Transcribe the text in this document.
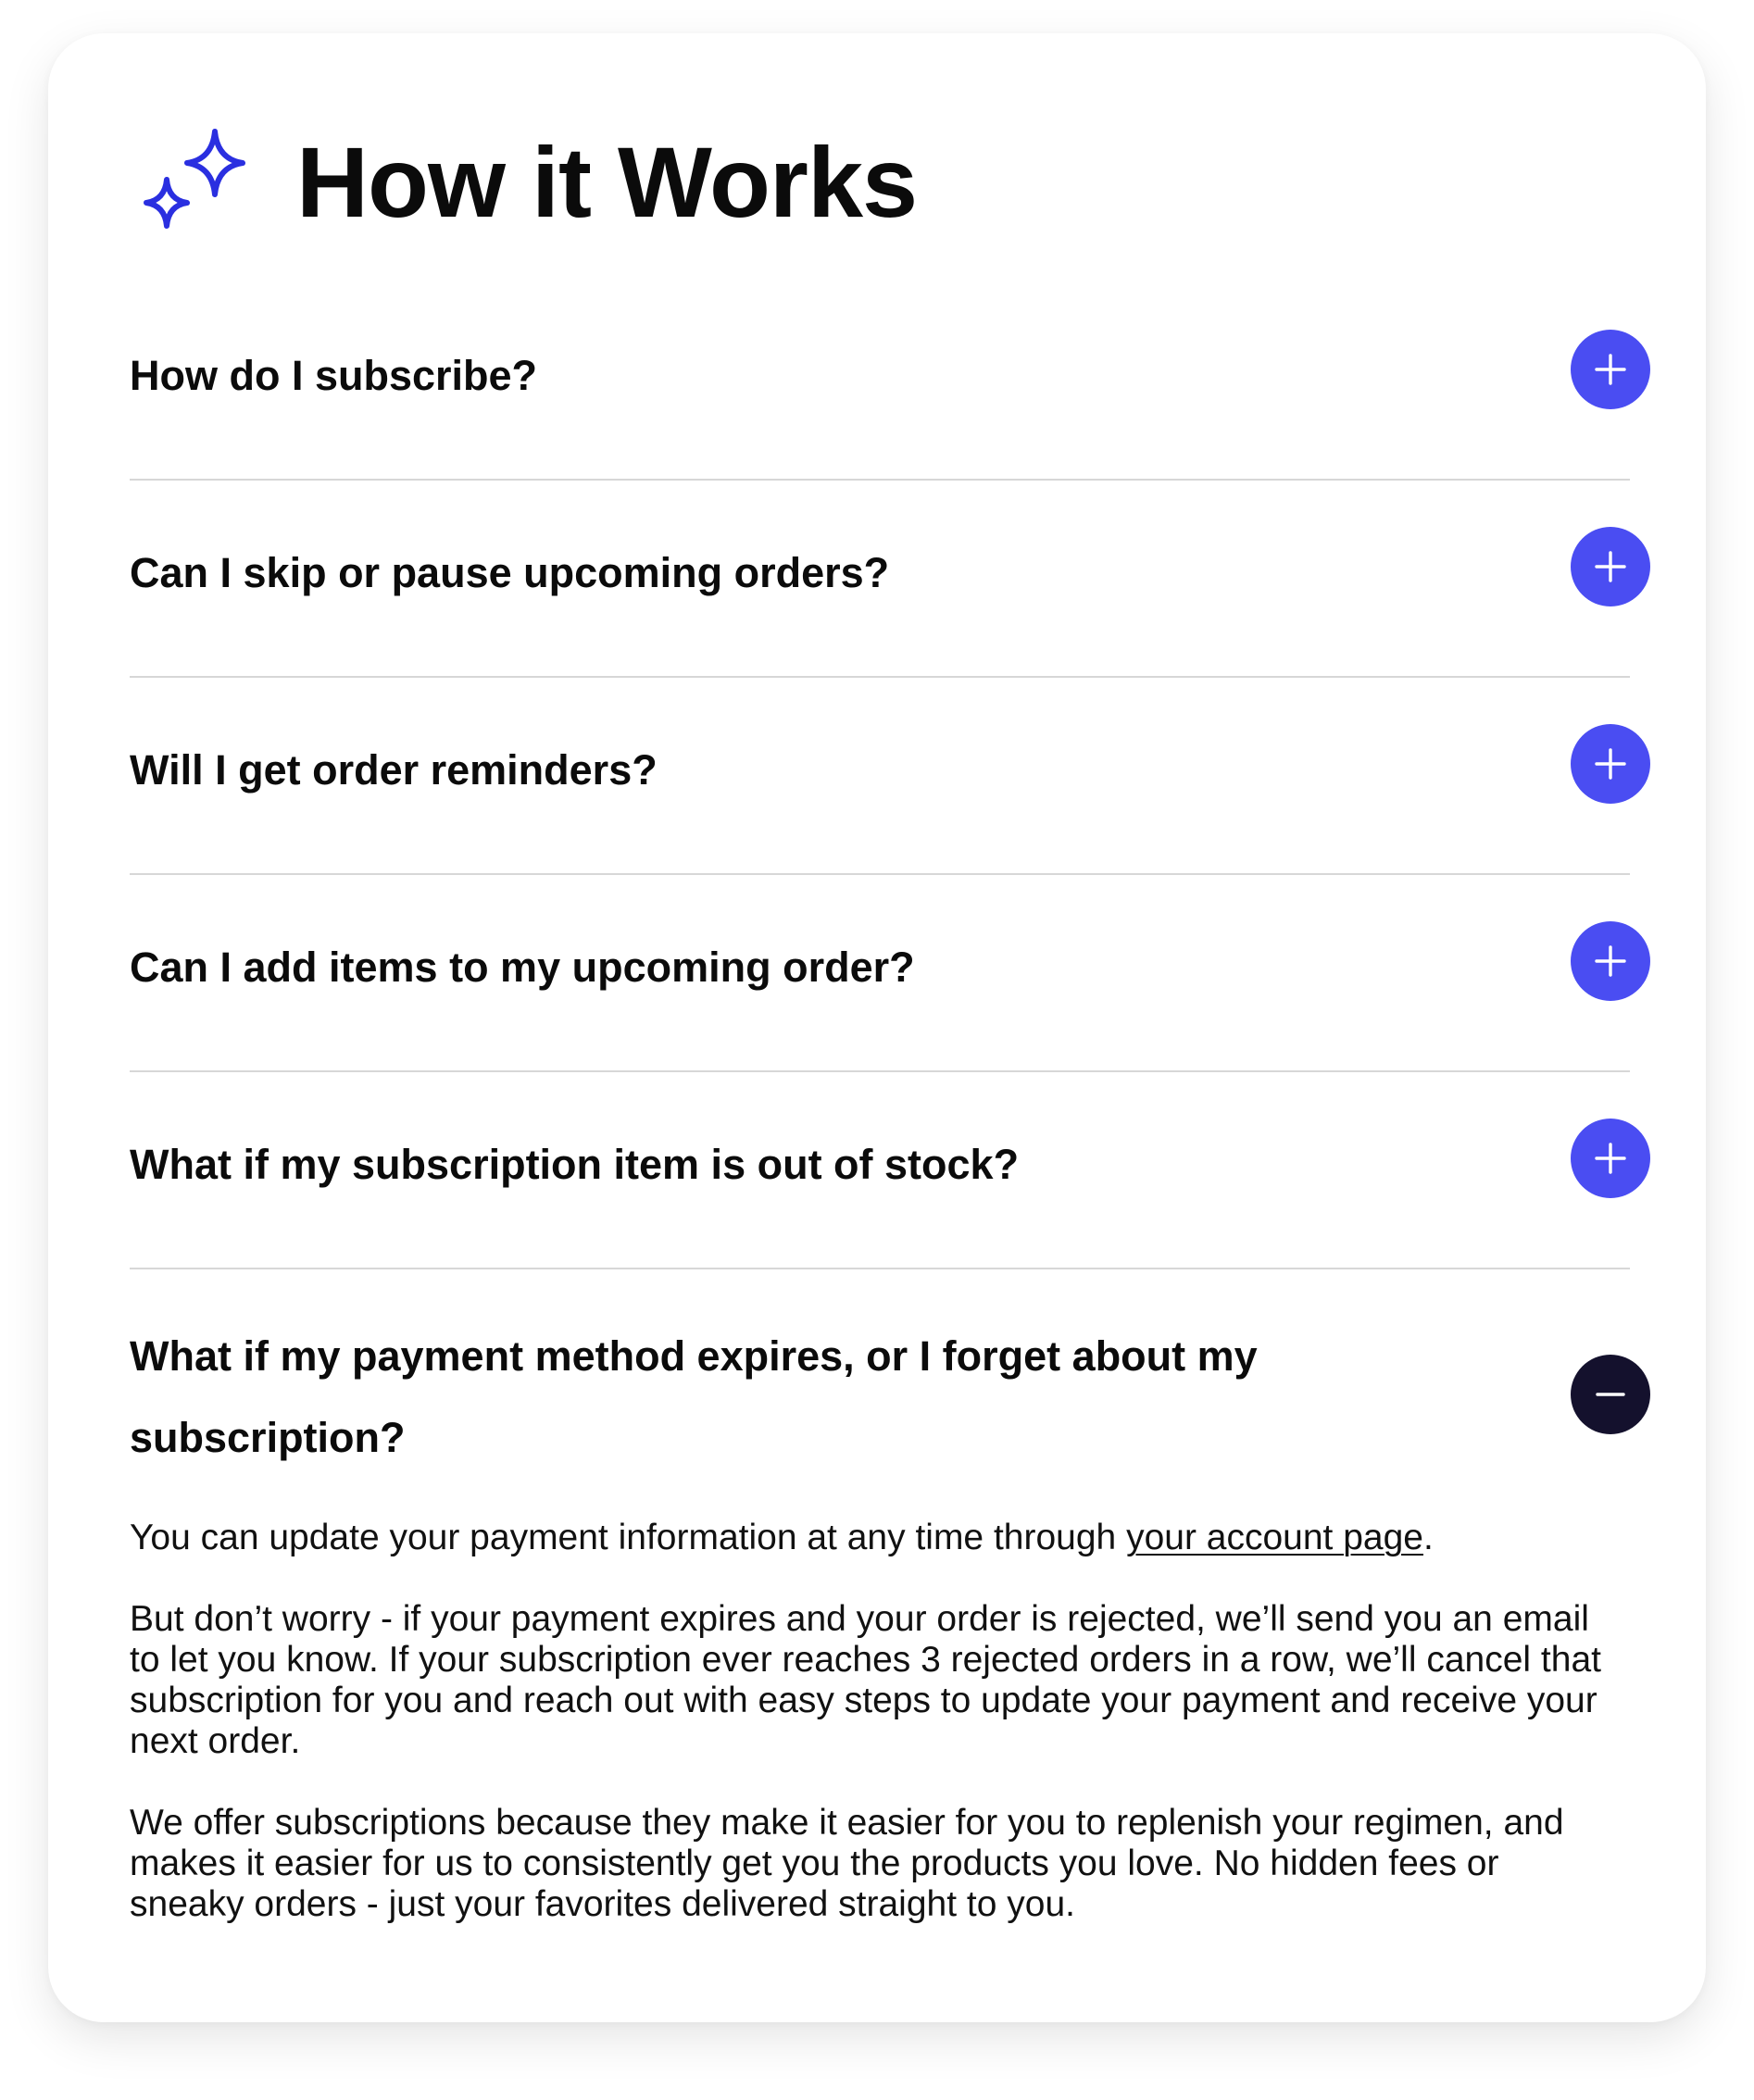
How it Works
How do I subscribe?
Can I skip or pause upcoming orders?
Will I get order reminders?
Can I add items to my upcoming order?
What if my subscription item is out of stock?
What if my payment method expires, or I forget about my subscription?

You can update your payment information at any time through your account page.

But don’t worry - if your payment expires and your order is rejected, we’ll send you an email to let you know. If your subscription ever reaches 3 rejected orders in a row, we’ll cancel that subscription for you and reach out with easy steps to update your payment and receive your next order.

We offer subscriptions because they make it easier for you to replenish your regimen, and makes it easier for us to consistently get you the products you love. No hidden fees or sneaky orders - just your favorites delivered straight to you.
